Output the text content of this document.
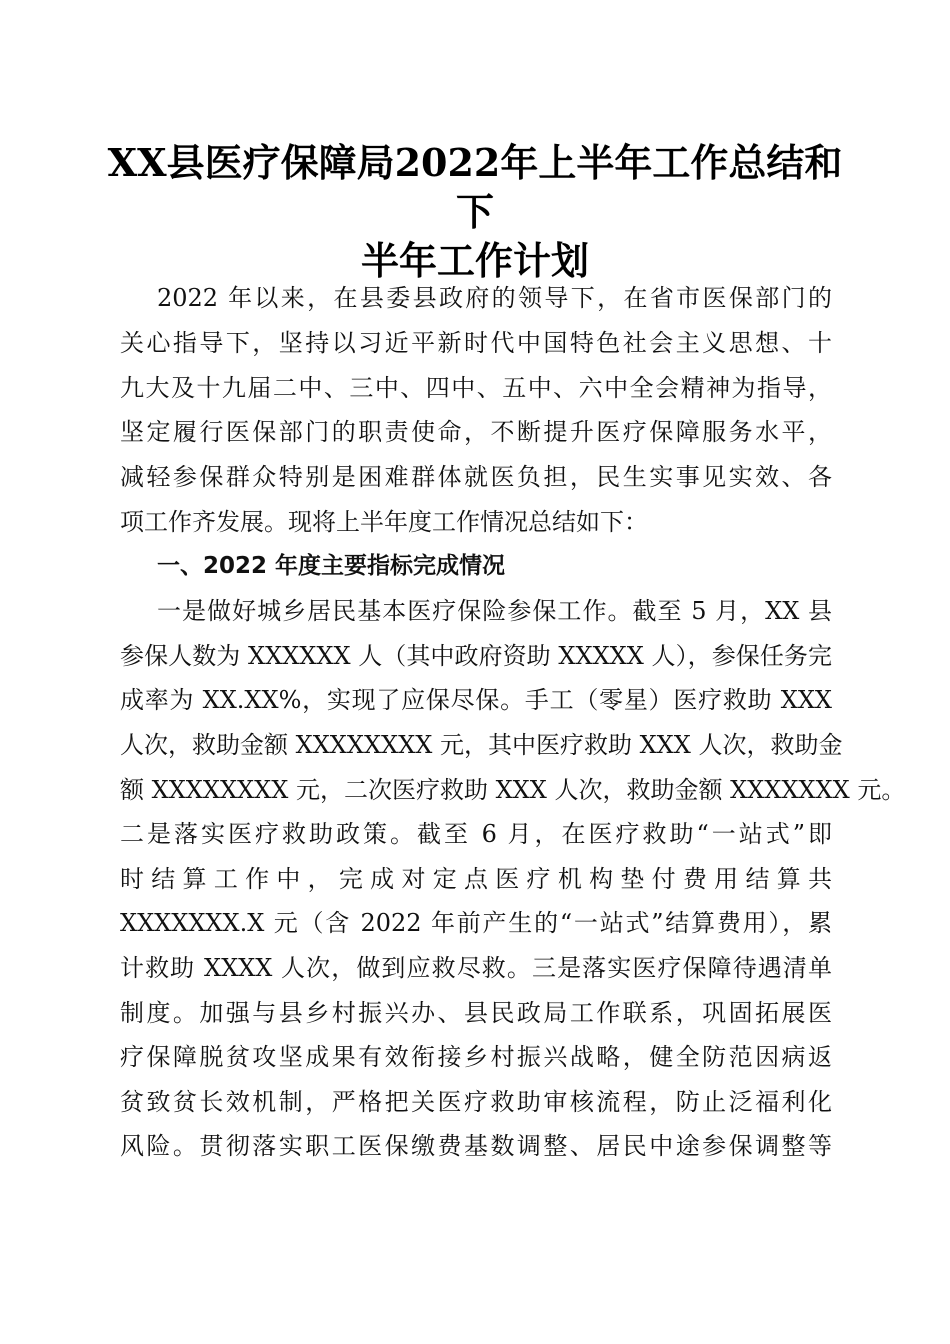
XX县医疗保障局2022年上半年工作总结和下
半年工作计划
2022 年以来，在县委县政府的领导下，在省市医保部门的
关心指导下，坚持以习近平新时代中国特色社会主义思想、十
九大及十九届二中、三中、四中、五中、六中全会精神为指导，
坚定履行医保部门的职责使命，不断提升医疗保障服务水平，
减轻参保群众特别是困难群体就医负担，民生实事见实效、各
项工作齐发展。现将上半年度工作情况总结如下：
一、2022 年度主要指标完成情况
一是做好城乡居民基本医疗保险参保工作。截至 5 月，XX 县
参保人数为 XXXXXX 人（其中政府资助 XXXXX 人），参保任务完
成率为 XX.XX%，实现了应保尽保。手工（零星）医疗救助 XXX
人次，救助金额 XXXXXXXX 元，其中医疗救助 XXX 人次，救助金
额 XXXXXXXX 元，二次医疗救助 XXX 人次，救助金额 XXXXXXX 元。
二是落实医疗救助政策。截至 6 月，在医疗救助“一站式”即
时结算工作中，完成对定点医疗机构垫付费用结算共
XXXXXXX.X 元（含 2022 年前产生的“一站式”结算费用），累
计救助 XXXX 人次，做到应救尽救。三是落实医疗保障待遇清单
制度。加强与县乡村振兴办、县民政局工作联系，巩固拓展医
疗保障脱贫攻坚成果有效衔接乡村振兴战略，健全防范因病返
贫致贫长效机制，严格把关医疗救助审核流程，防止泛福利化
风险。贯彻落实职工医保缴费基数调整、居民中途参保调整等
